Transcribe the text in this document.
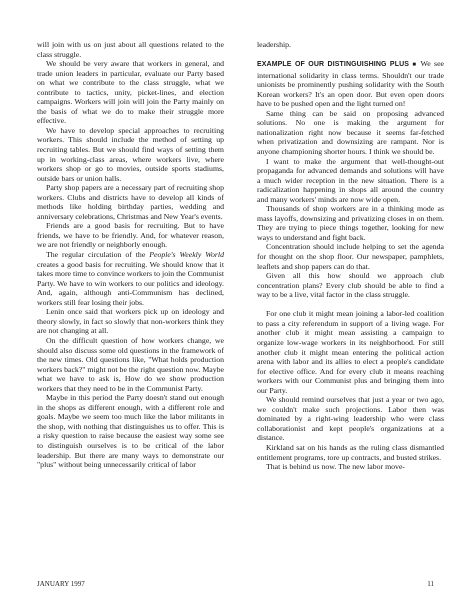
will join with us on just about all questions related to the class struggle.

We should be very aware that workers in general, and trade union leaders in particular, evaluate our Party based on what we contribute to the class struggle, what we contribute to tactics, unity, picket-lines, and election campaigns. Workers will join will join the Party mainly on the basis of what we do to make their struggle more effective.

We have to develop special approaches to recruiting workers. This should include the method of setting up recruiting tables. But we should find ways of setting them up in working-class areas, where workers live, where workers shop or go to movies, outside sports stadiums, outside bars or union halls.

Party shop papers are a necessary part of recruiting shop workers. Clubs and districts have to develop all kinds of methods like holding birthday parties, wedding and anniversary celebrations, Christmas and New Year's events.

Friends are a good basis for recruiting. But to have friends, we have to be friendly. And, for whatever reason, we are not friendly or neighborly enough.

The regular circulation of the People's Weekly World creates a good basis for recruiting. We should know that it takes more time to convince workers to join the Communist Party. We have to win workers to our politics and ideology. And, again, although anti-Communism has declined, workers still fear losing their jobs.

Lenin once said that workers pick up on ideology and theory slowly, in fact so slowly that non-workers think they are not changing at all.

On the difficult question of how workers change, we should also discuss some old questions in the framework of the new times. Old questions like, "What holds production workers back?" might not be the right question now. Maybe what we have to ask is, How do we show production workers that they need to be in the Communist Party.

Maybe in this period the Party doesn't stand out enough in the shops as different enough, with a different role and goals. Maybe we seem too much like the labor militants in the shop, with nothing that distinguishes us to offer. This is a risky question to raise because the easiest way some see to distinguish ourselves is to be critical of the labor leadership. But there are many ways to demonstrate our "plus" without being unnecessarily critical of labor

leadership.

EXAMPLE OF OUR DISTINGUISHING PLUS ■ We see international solidarity in class terms. Shouldn't our trade unionists be prominently pushing solidarity with the South Korean workers? It's an open door. But even open doors have to be pushed open and the light turned on!

Same thing can be said on proposing advanced solutions. No one is making the argument for nationalization right now because it seems far-fetched when privatization and downsizing are rampant. Nor is anyone championing shorter hours. I think we should be.

I want to make the argument that well-thought-out propaganda for advanced demands and solutions will have a much wider reception in the new situation. There is a radicalization happening in shops all around the country and many workers' minds are now wide open.

Thousands of shop workers are in a thinking mode as mass layoffs, downsizing and privatizing closes in on them. They are trying to piece things together, looking for new ways to understand and fight back.

Concentration should include helping to set the agenda for thought on the shop floor. Our newspaper, pamphlets, leaflets and shop papers can do that.

Given all this how should we approach club concentration plans? Every club should be able to find a way to be a live, vital factor in the class struggle.

For one club it might mean joining a labor-led coalition to pass a city referendum in support of a living wage. For another club it might mean assisting a campaign to organize low-wage workers in its neighborhood. For still another club it might mean entering the political action arena with labor and its allies to elect a people's candidate for elective office. And for every club it means reaching workers with our Communist plus and bringing them into our Party.

We should remind ourselves that just a year or two ago, we couldn't make such projections. Labor then was dominated by a right-wing leadership who were class collaborationist and kept people's organizations at a distance.

Kirkland sat on his hands as the ruling class dismantled entitlement programs, tore up contracts, and busted strikes.

That is behind us now. The new labor move-

JANUARY 1997	11
